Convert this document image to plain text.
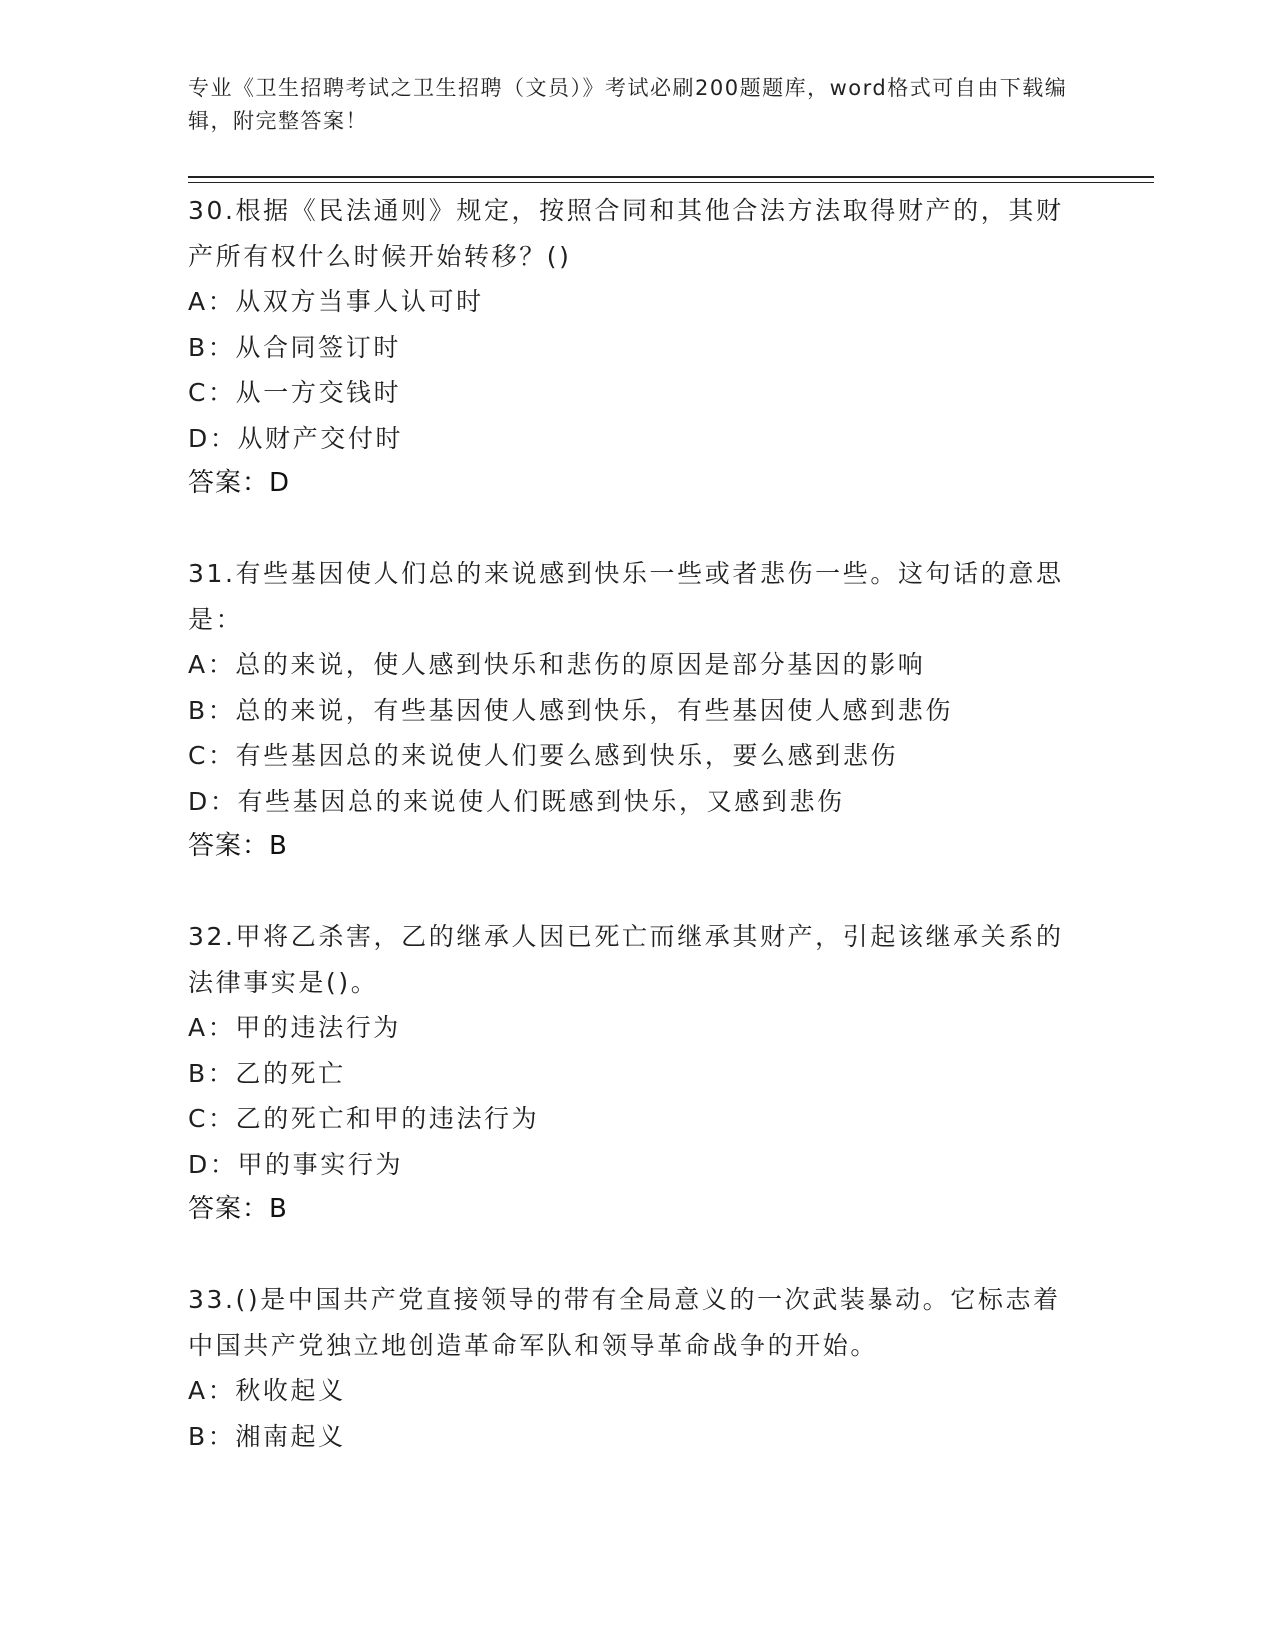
专业《卫生招聘考试之卫生招聘（文员）》考试必刷200题题库，word格式可自由下载编辑，附完整答案！
30.根据《民法通则》规定，按照合同和其他合法方法取得财产的，其财产所有权什么时候开始转移？()
A：从双方当事人认可时
B：从合同签订时
C：从一方交钱时
D：从财产交付时
答案：D
31.有些基因使人们总的来说感到快乐一些或者悲伤一些。这句话的意思是：
A：总的来说，使人感到快乐和悲伤的原因是部分基因的影响
B：总的来说，有些基因使人感到快乐，有些基因使人感到悲伤
C：有些基因总的来说使人们要么感到快乐，要么感到悲伤
D：有些基因总的来说使人们既感到快乐，又感到悲伤
答案：B
32.甲将乙杀害，乙的继承人因已死亡而继承其财产，引起该继承关系的法律事实是()。
A：甲的违法行为
B：乙的死亡
C：乙的死亡和甲的违法行为
D：甲的事实行为
答案：B
33.()是中国共产党直接领导的带有全局意义的一次武装暴动。它标志着中国共产党独立地创造革命军队和领导革命战争的开始。
A：秋收起义
B：湘南起义
